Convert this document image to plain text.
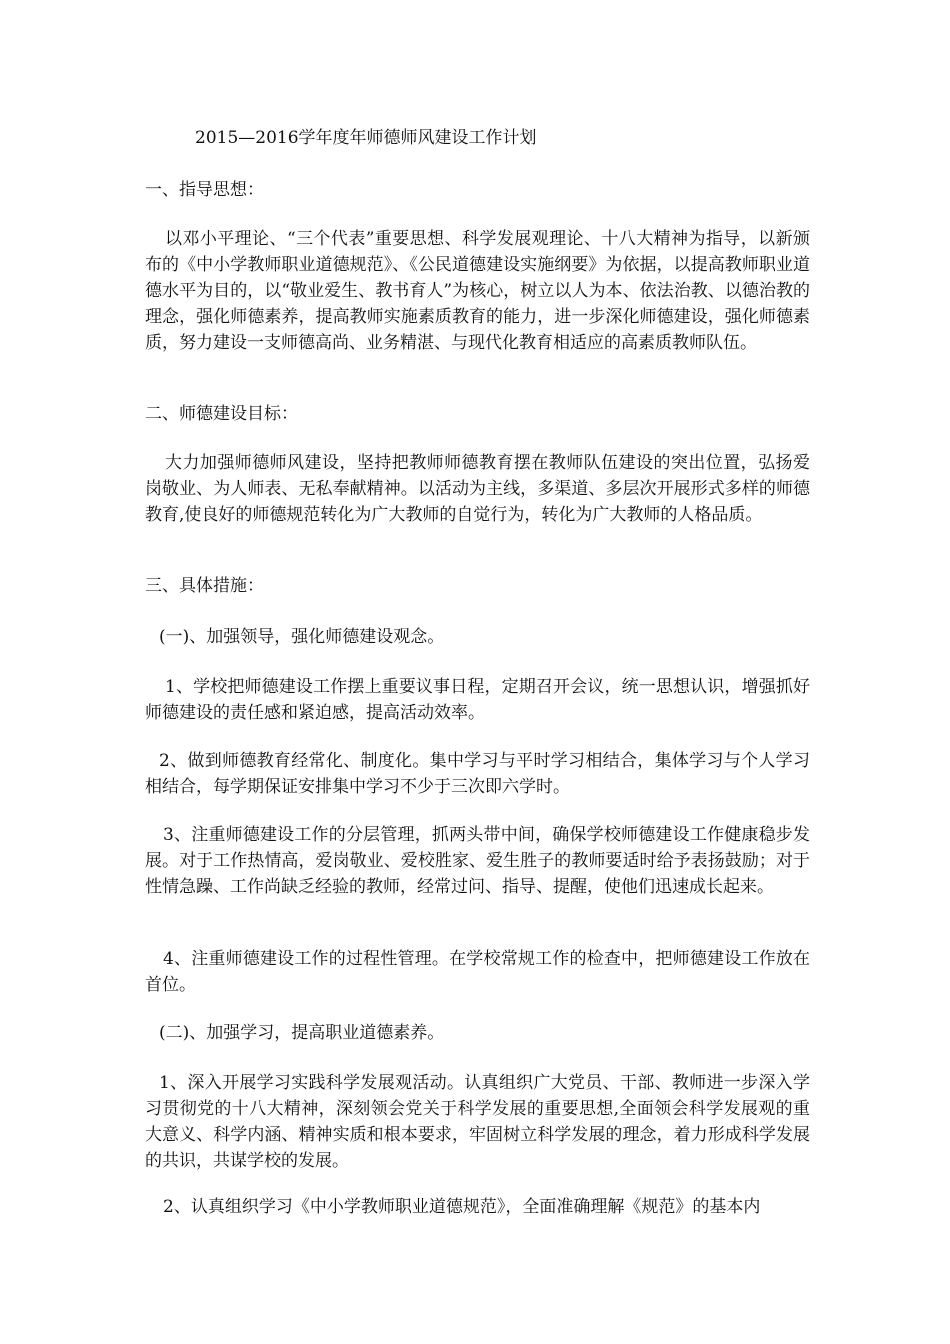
2015—2016学年度年师德师风建设工作计划
一、指导思想：
以邓小平理论、“三个代表”重要思想、科学发展观理论、十八大精神为指导，以新颁布的《中小学教师职业道德规范》、《公民道德建设实施纲要》为依据，以提高教师职业道德水平为目的，以“敬业爱生、教书育人”为核心，树立以人为本、依法治教、以德治教的理念，强化师德素养，提高教师实施素质教育的能力，进一步深化师德建设，强化师德素质，努力建设一支师德高尚、业务精湛、与现代化教育相适应的高素质教师队伍。
二、师德建设目标：
大力加强师德师风建设，坚持把教师师德教育摆在教师队伍建设的突出位置，弘扬爱岗敬业、为人师表、无私奉献精神。以活动为主线，多渠道、多层次开展形式多样的师德教育,使良好的师德规范转化为广大教师的自觉行为，转化为广大教师的人格品质。
三、具体措施：
(一)、加强领导，强化师德建设观念。
1、学校把师德建设工作摆上重要议事日程，定期召开会议，统一思想认识，增强抓好师德建设的责任感和紧迫感，提高活动效率。
2、做到师德教育经常化、制度化。集中学习与平时学习相结合，集体学习与个人学习相结合，每学期保证安排集中学习不少于三次即六学时。
3、注重师德建设工作的分层管理，抓两头带中间，确保学校师德建设工作健康稳步发展。对于工作热情高，爱岗敬业、爱校胜家、爱生胜子的教师要适时给予表扬鼓励；对于性情急躁、工作尚缺乏经验的教师，经常过问、指导、提醒，使他们迅速成长起来。
4、注重师德建设工作的过程性管理。在学校常规工作的检查中，把师德建设工作放在首位。
(二)、加强学习，提高职业道德素养。
1、深入开展学习实践科学发展观活动。认真组织广大党员、干部、教师进一步深入学习贯彻党的十八大精神，深刻领会党关于科学发展的重要思想,全面领会科学发展观的重大意义、科学内涵、精神实质和根本要求，牢固树立科学发展的理念，着力形成科学发展的共识，共谋学校的发展。
2、认真组织学习《中小学教师职业道德规范》，全面准确理解《规范》的基本内
